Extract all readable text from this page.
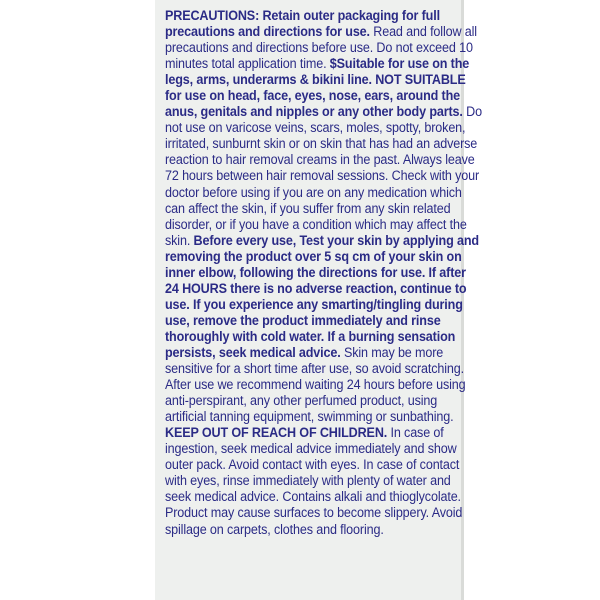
PRECAUTIONS: Retain outer packaging for full
precautions and directions for use. Read and follow all
precautions and directions before use. Do not exceed 10
minutes total application time. $Suitable for use on the
legs, arms, underarms & bikini line. NOT SUITABLE
for use on head, face, eyes, nose, ears, around the
anus, genitals and nipples or any other body parts. Do
not use on varicose veins, scars, moles, spotty, broken,
irritated, sunburnt skin or on skin that has had an adverse
reaction to hair removal creams in the past. Always leave
72 hours between hair removal sessions. Check with your
doctor before using if you are on any medication which
can affect the skin, if you suffer from any skin related
disorder, or if you have a condition which may affect the
skin. Before every use, Test your skin by applying and
removing the product over 5 sq cm of your skin on
inner elbow, following the directions for use. If after
24 HOURS there is no adverse reaction, continue to
use. If you experience any smarting/tingling during
use, remove the product immediately and rinse
thoroughly with cold water. If a burning sensation
persists, seek medical advice. Skin may be more
sensitive for a short time after use, so avoid scratching.
After use we recommend waiting 24 hours before using
anti-perspirant, any other perfumed product, using
artificial tanning equipment, swimming or sunbathing.
KEEP OUT OF REACH OF CHILDREN. In case of
ingestion, seek medical advice immediately and show
outer pack. Avoid contact with eyes. In case of contact
with eyes, rinse immediately with plenty of water and
seek medical advice. Contains alkali and thioglycolate.
Product may cause surfaces to become slippery. Avoid
spillage on carpets, clothes and flooring.
